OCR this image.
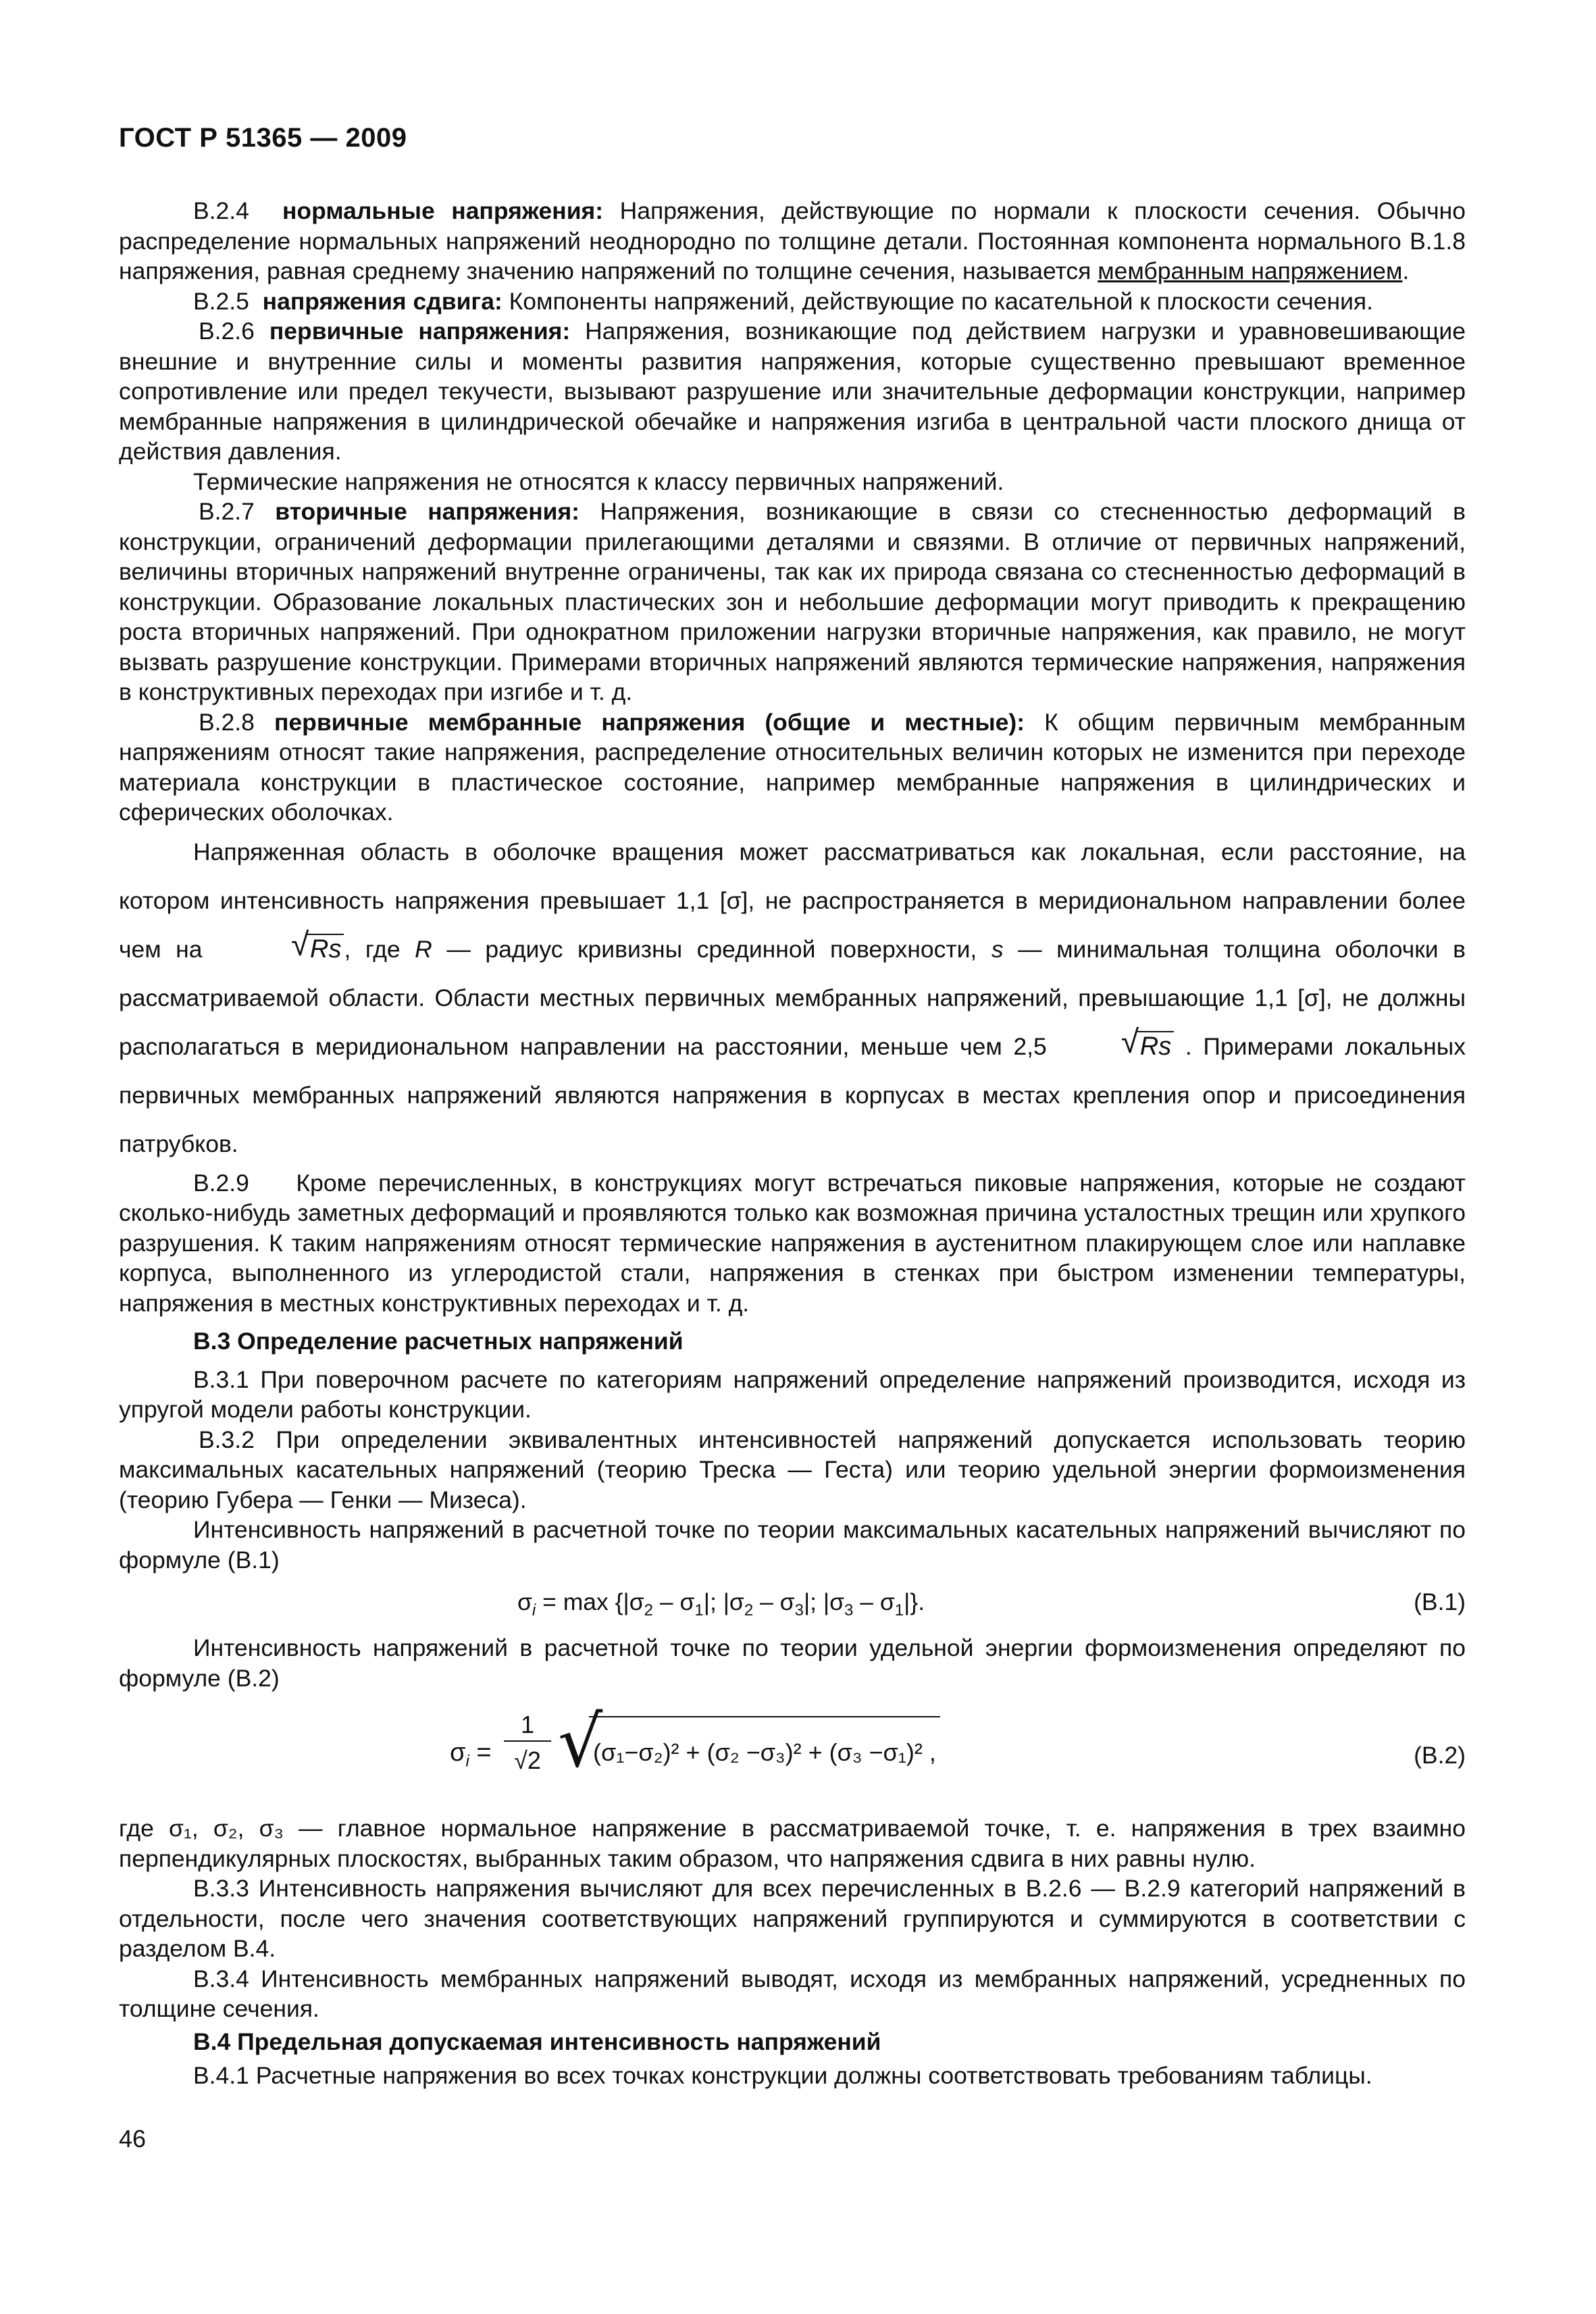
ГОСТ Р 51365 — 2009

В.2.4 нормальные напряжения: Напряжения, действующие по нормали к плоскости сечения. Обычно распределение нормальных напряжений неоднородно по толщине детали. Постоянная компонента нормального В.1.8 напряжения, равная среднему значению напряжений по толщине сечения, называется мембранным напряжением.

В.2.5 напряжения сдвига: Компоненты напряжений, действующие по касательной к плоскости сечения.

В.2.6 первичные напряжения: Напряжения, возникающие под действием нагрузки и уравновешивающие внешние и внутренние силы и моменты развития напряжения, которые существенно превышают временное сопротивление или предел текучести, вызывают разрушение или значительные деформации конструкции, например мембранные напряжения в цилиндрической обечайке и напряжения изгиба в центральной части плоского днища от действия давления.

Термические напряжения не относятся к классу первичных напряжений.

В.2.7 вторичные напряжения: Напряжения, возникающие в связи со стесненностью деформаций в конструкции, ограничений деформации прилегающими деталями и связями. В отличие от первичных напряжений, величины вторичных напряжений внутренне ограничены, так как их природа связана со стесненностью деформаций в конструкции. Образование локальных пластических зон и небольшие деформации могут приводить к прекращению роста вторичных напряжений. При однократном приложении нагрузки вторичные напряжения, как правило, не могут вызвать разрушение конструкции. Примерами вторичных напряжений являются термические напряжения, напряжения в конструктивных переходах при изгибе и т. д.

В.2.8 первичные мембранные напряжения (общие и местные): К общим первичным мембранным напряжениям относят такие напряжения, распределение относительных величин которых не изменится при переходе материала конструкции в пластическое состояние, например мембранные напряжения в цилиндрических и сферических оболочках.

Напряженная область в оболочке вращения может рассматриваться как локальная, если расстояние, на котором интенсивность напряжения превышает 1,1 [σ], не распространяется в меридиональном направлении более чем на	√ Rs , где R — радиус кривизны срединной поверхности, s — минимальная толщина оболочки в рассматриваемой области. Области местных первичных мембранных напряжений, превышающие 1,1 [σ], не должны располагаться в меридиональном направлении на расстоянии, меньше чем 2,5	√ Rs . Примерами локальных первичных мембранных напряжений являются напряжения в корпусах в местах крепления опор и присоединения патрубков.

В.2.9 Кроме перечисленных, в конструкциях могут встречаться пиковые напряжения, которые не создают сколько-нибудь заметных деформаций и проявляются только как возможная причина усталостных трещин или хрупкого разрушения. К таким напряжениям относят термические напряжения в аустенитном плакирующем слое или наплавке корпуса, выполненного из углеродистой стали, напряжения в стенках при быстром изменении температуры, напряжения в местных конструктивных переходах и т. д.

В.3 Определение расчетных напряжений

В.3.1 При поверочном расчете по категориям напряжений определение напряжений производится, исходя из упругой модели работы конструкции.

В.3.2 При определении эквивалентных интенсивностей напряжений допускается использовать теорию максимальных касательных напряжений (теорию Треска — Геста) или теорию удельной энергии формоизменения (теорию Губера — Генки — Мизеса).

Интенсивность напряжений в расчетной точке по теории максимальных касательных напряжений вычисляют по формуле (В.1)

$\sigma_i = \max \{|\sigma_2 - \sigma_1|$; $|\sigma_2 - \sigma_3|$; $|\sigma_3 - \sigma_1|$}.	(В.1)

Интенсивность напряжений в расчетной точке по теории удельной энергии формоизменения определяют по формуле (В.2)

$\sigma_i = \frac{1}{√2}$ √
(σ₁−σ₂)² + (σ₂ −σ₃)² + (σ₃ −σ₁)² ,	(В.2)

где σ₁, σ₂, σ₃ — главное нормальное напряжение в рассматриваемой точке, т. е. напряжения в трех взаимно перпендикулярных плоскостях, выбранных таким образом, что напряжения сдвига в них равны нулю.

В.3.3 Интенсивность напряжения вычисляют для всех перечисленных в В.2.6 — В.2.9 категорий напряжений в отдельности, после чего значения соответствующих напряжений группируются и суммируются в соответствии с разделом В.4.

В.3.4 Интенсивность мембранных напряжений выводят, исходя из мембранных напряжений, усредненных по толщине сечения.

В.4 Предельная допускаемая интенсивность напряжений

В.4.1 Расчетные напряжения во всех точках конструкции должны соответствовать требованиям таблицы.

46
